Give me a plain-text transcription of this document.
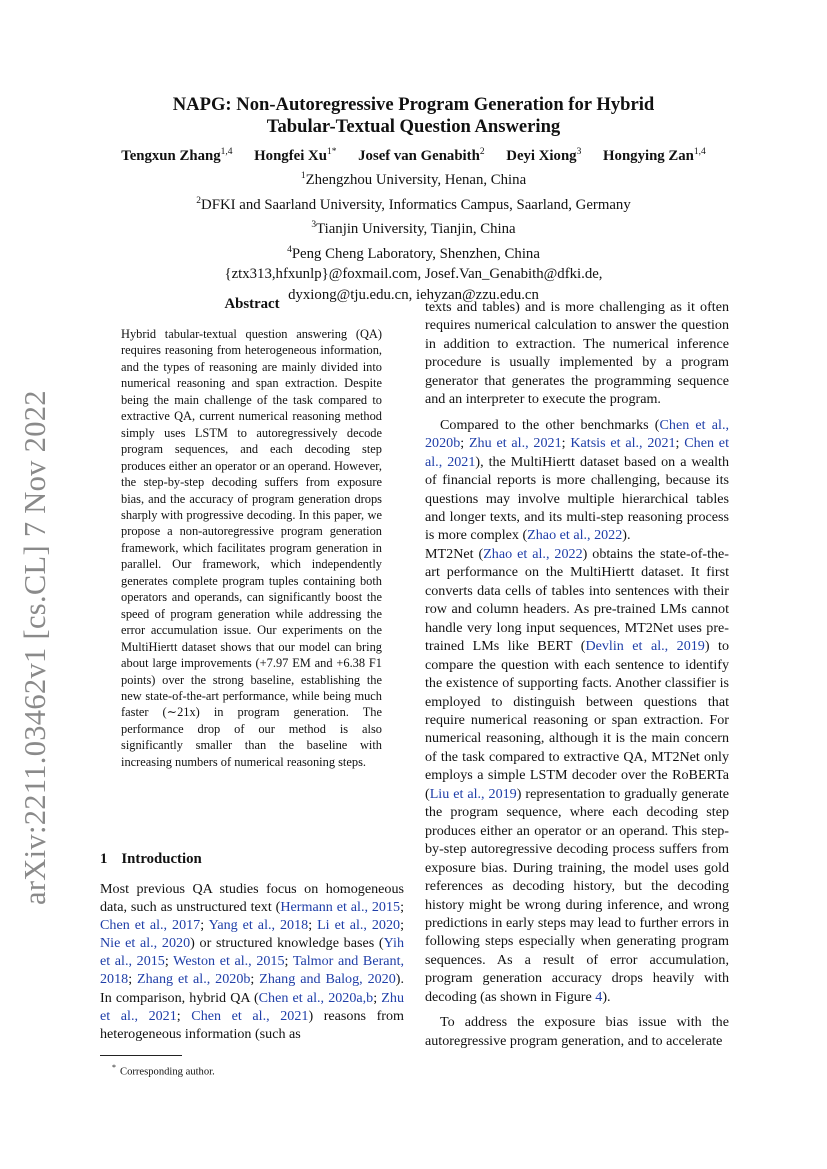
arXiv:2211.03462v1 [cs.CL] 7 Nov 2022
NAPG: Non-Autoregressive Program Generation for Hybrid
Tabular-Textual Question Answering
Tengxun Zhang$^{1,4}$ Hongfei $Xu^{1*}$ Josef van Genabith$^2$ Deyi Xiong$^3$ Hongying Zan$^{1,4}$
$^1$Zhengzhou University, Henan, China
$^2$DFKI and Saarland University, Informatics Campus, Saarland, Germany
$^3$Tianjin University, Tianjin, China
$^4$Peng Cheng Laboratory, Shenzhen, China
{ztx313,hfxunlp}@foxmail.com, Josef.Van_Genabith@dfki.de,
dyxiong@tju.edu.cn, iehyzan@zzu.edu.cn
Abstract
Hybrid tabular-textual question answering (QA) requires reasoning from heterogeneous information, and the types of reasoning are mainly divided into numerical reasoning and span extraction. Despite being the main challenge of the task compared to extractive QA, current numerical reasoning method simply uses LSTM to autoregressively decode program sequences, and each decoding step produces either an operator or an operand. However, the step-by-step decoding suffers from exposure bias, and the accuracy of program generation drops sharply with progressive decoding. In this paper, we propose a non-autoregressive program generation framework, which facilitates program generation in parallel. Our framework, which independently generates complete program tuples containing both operators and operands, can significantly boost the speed of program generation while addressing the error accumulation issue. Our experiments on the MultiHiertt dataset shows that our model can bring about large improvements (+7.97 EM and +6.38 F1 points) over the strong baseline, establishing the new state-of-the-art performance, while being much faster (∼21x) in program generation. The performance drop of our method is also significantly smaller than the baseline with increasing numbers of numerical reasoning steps.
1 Introduction
Most previous QA studies focus on homogeneous data, such as unstructured text (Hermann et al., 2015; Chen et al., 2017; Yang et al., 2018; Li et al., 2020; Nie et al., 2020) or structured knowledge bases (Yih et al., 2015; Weston et al., 2015; Talmor and Berant, 2018; Zhang et al., 2020b; Zhang and Balog, 2020). In comparison, hybrid QA (Chen et al., 2020a,b; Zhu et al., 2021; Chen et al., 2021) reasons from heterogeneous information (such as
* Corresponding author.

texts and tables) and is more challenging as it often requires numerical calculation to answer the question in addition to extraction. The numerical inference procedure is usually implemented by a program generator that generates the programming sequence and an interpreter to execute the program.

Compared to the other benchmarks (Chen et al., 2020b; Zhu et al., 2021; Katsis et al., 2021; Chen et al., 2021), the MultiHiertt dataset based on a wealth of financial reports is more challenging, because its questions may involve multiple hierarchical tables and longer texts, and its multi-step reasoning process is more complex (Zhao et al., 2022).
MT2Net (Zhao et al., 2022) obtains the state-of-the-art performance on the MultiHiertt dataset. It first converts data cells of tables into sentences with their row and column headers. As pre-trained LMs cannot handle very long input sequences, MT2Net uses pre-trained LMs like BERT (Devlin et al., 2019) to compare the question with each sentence to identify the existence of supporting facts. Another classifier is employed to distinguish between questions that require numerical reasoning or span extraction. For numerical reasoning, although it is the main concern of the task compared to extractive QA, MT2Net only employs a simple LSTM decoder over the RoBERTa (Liu et al., 2019) representation to gradually generate the program sequence, where each decoding step produces either an operator or an operand. This step-by-step autoregressive decoding process suffers from exposure bias. During training, the model uses gold references as decoding history, but the decoding history might be wrong during inference, and wrong predictions in early steps may lead to further errors in following steps especially when generating program sequences. As a result of error accumulation, program generation accuracy drops heavily with decoding (as shown in Figure 4).

To address the exposure bias issue with the autoregressive program generation, and to accelerate
